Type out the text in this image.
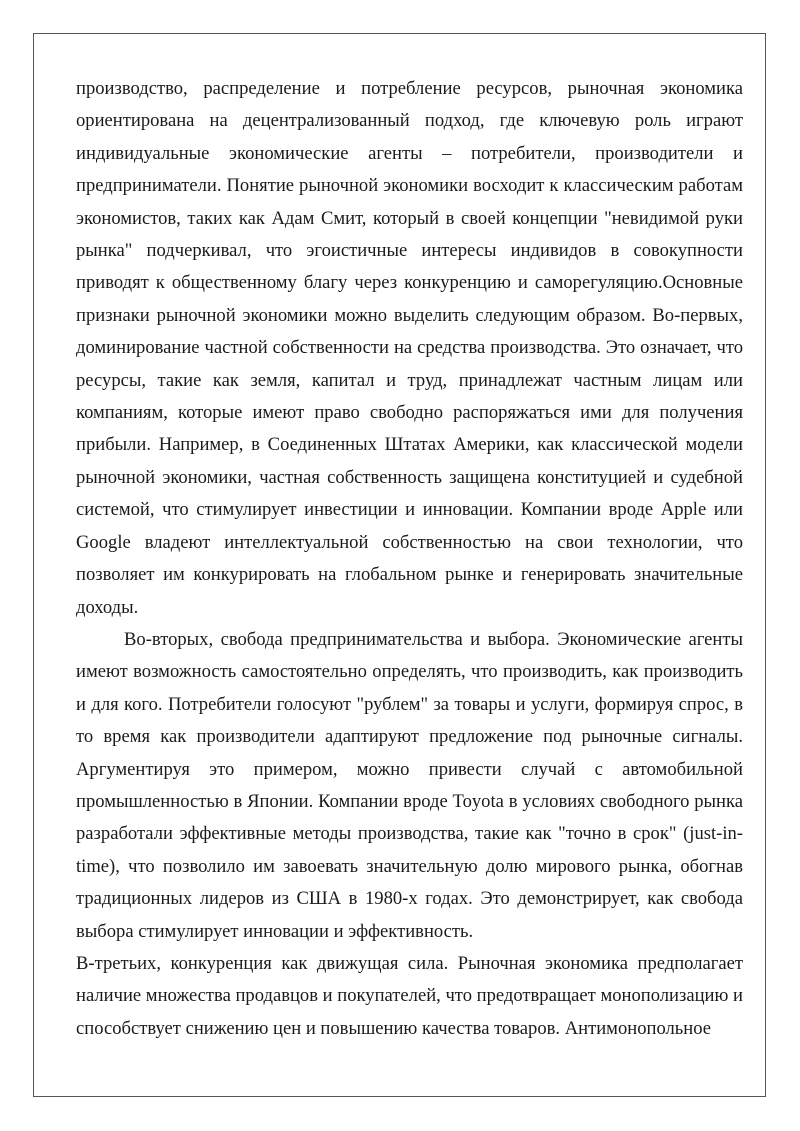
производство, распределение и потребление ресурсов, рыночная экономика ориентирована на децентрализованный подход, где ключевую роль играют индивидуальные экономические агенты – потребители, производители и предприниматели. Понятие рыночной экономики восходит к классическим работам экономистов, таких как Адам Смит, который в своей концепции "невидимой руки рынка" подчеркивал, что эгоистичные интересы индивидов в совокупности приводят к общественному благу через конкуренцию и саморегуляцию.Основные признаки рыночной экономики можно выделить следующим образом. Во-первых, доминирование частной собственности на средства производства. Это означает, что ресурсы, такие как земля, капитал и труд, принадлежат частным лицам или компаниям, которые имеют право свободно распоряжаться ими для получения прибыли. Например, в Соединенных Штатах Америки, как классической модели рыночной экономики, частная собственность защищена конституцией и судебной системой, что стимулирует инвестиции и инновации. Компании вроде Apple или Google владеют интеллектуальной собственностью на свои технологии, что позволяет им конкурировать на глобальном рынке и генерировать значительные доходы.

Во-вторых, свобода предпринимательства и выбора. Экономические агенты имеют возможность самостоятельно определять, что производить, как производить и для кого. Потребители голосуют "рублем" за товары и услуги, формируя спрос, в то время как производители адаптируют предложение под рыночные сигналы. Аргументируя это примером, можно привести случай с автомобильной промышленностью в Японии. Компании вроде Toyota в условиях свободного рынка разработали эффективные методы производства, такие как "точно в срок" (just-in-time), что позволило им завоевать значительную долю мирового рынка, обогнав традиционных лидеров из США в 1980-х годах. Это демонстрирует, как свобода выбора стимулирует инновации и эффективность.

В-третьих, конкуренция как движущая сила. Рыночная экономика предполагает наличие множества продавцов и покупателей, что предотвращает монополизацию и способствует снижению цен и повышению качества товаров. Антимонопольное
